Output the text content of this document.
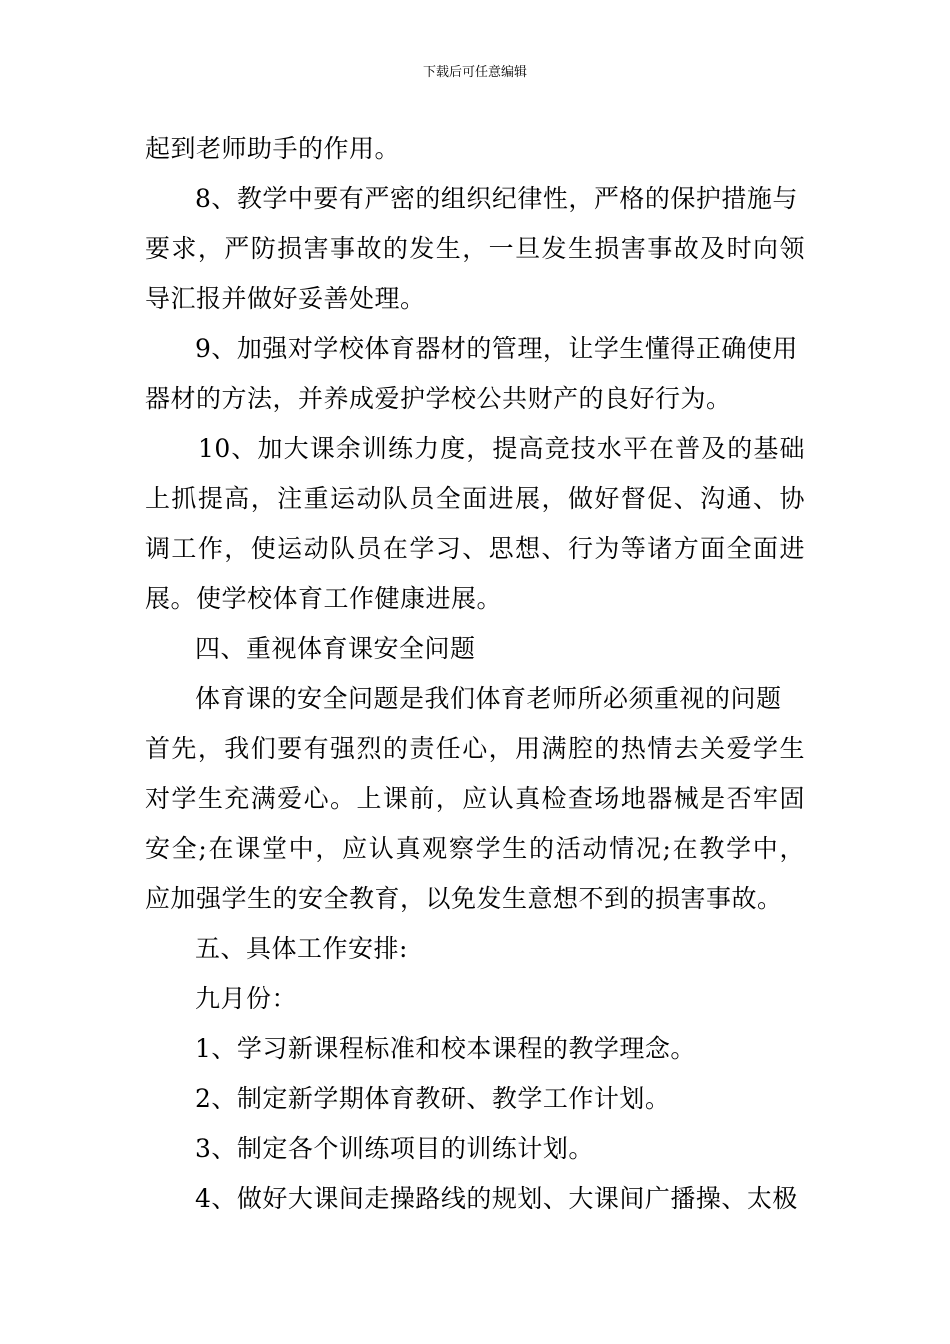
下载后可任意编辑
起到老师助手的作用。
8、教学中要有严密的组织纪律性，严格的保护措施与
要求，严防损害事故的发生，一旦发生损害事故及时向领
导汇报并做好妥善处理。
9、加强对学校体育器材的管理，让学生懂得正确使用
器材的方法，并养成爱护学校公共财产的良好行为。
10、加大课余训练力度，提高竞技水平在普及的基础
上抓提高，注重运动队员全面进展，做好督促、沟通、协
调工作，使运动队员在学习、思想、行为等诸方面全面进
展。使学校体育工作健康进展。
四、重视体育课安全问题
体育课的安全问题是我们体育老师所必须重视的问题
首先，我们要有强烈的责任心，用满腔的热情去关爱学生
对学生充满爱心。上课前，应认真检查场地器械是否牢固
安全;在课堂中，应认真观察学生的活动情况;在教学中，
应加强学生的安全教育，以免发生意想不到的损害事故。
五、具体工作安排:
九月份：
1、学习新课程标准和校本课程的教学理念。
2、制定新学期体育教研、教学工作计划。
3、制定各个训练项目的训练计划。
4、做好大课间走操路线的规划、大课间广播操、太极
